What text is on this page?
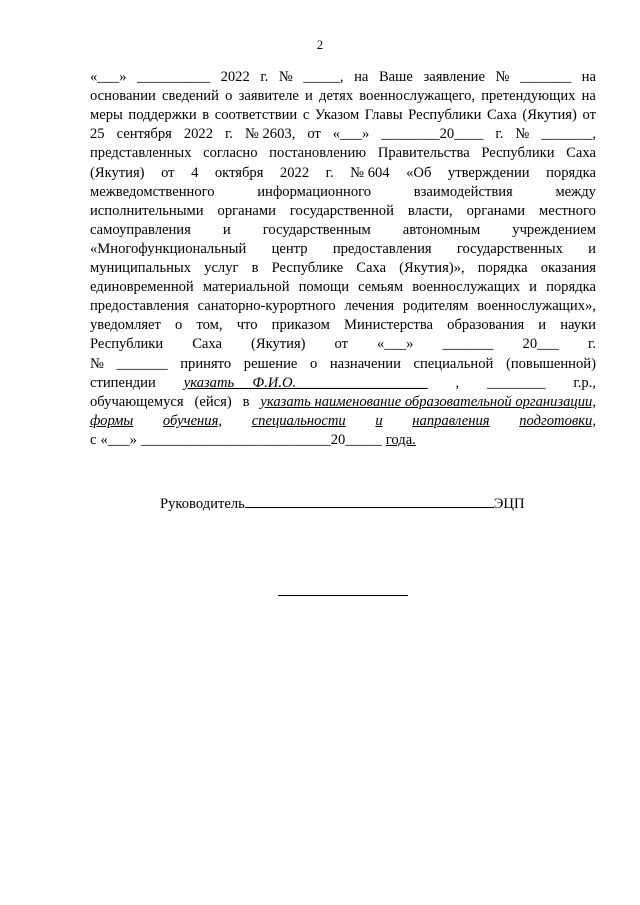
2
«___» __________ 2022 г. № _____, на Ваше заявление № _______ на
основании сведений о заявителе и детях военнослужащего, претендующих на
меры поддержки в соответствии с Указом Главы Республики Саха (Якутия) от
25 сентября 2022 г. № 2603, от «___» ________20____ г. № _______,
представленных согласно постановлению Правительства Республики Саха
(Якутия) от 4 октября 2022 г. № 604 «Об утверждении порядка
межведомственного	информационного	взаимодействия	между
исполнительными органами государственной власти, органами местного
самоуправления и государственным автономным учреждением
«Многофункциональный центр предоставления государственных и
муниципальных услуг в Республике Саха (Якутия)», порядка оказания
единовременной материальной помощи семьям военнослужащих и порядка
предоставления санаторно-курортного лечения родителям военнослужащих»,
уведомляет о том, что приказом Министерства образования и науки
Республики Саха (Якутия) от «___» _______ 20___ г.
№ _______ принято решение о назначении специальной (повышенной)
стипендии указать     Ф.И.О.__________________ , ________ г.р.,
обучающемуся (ейся) в указать наименование образовательной организации,
формы обучения, специальности и направления подготовки,
с «___» __________________________20_____ года.
Руководитель	ЭЦП
